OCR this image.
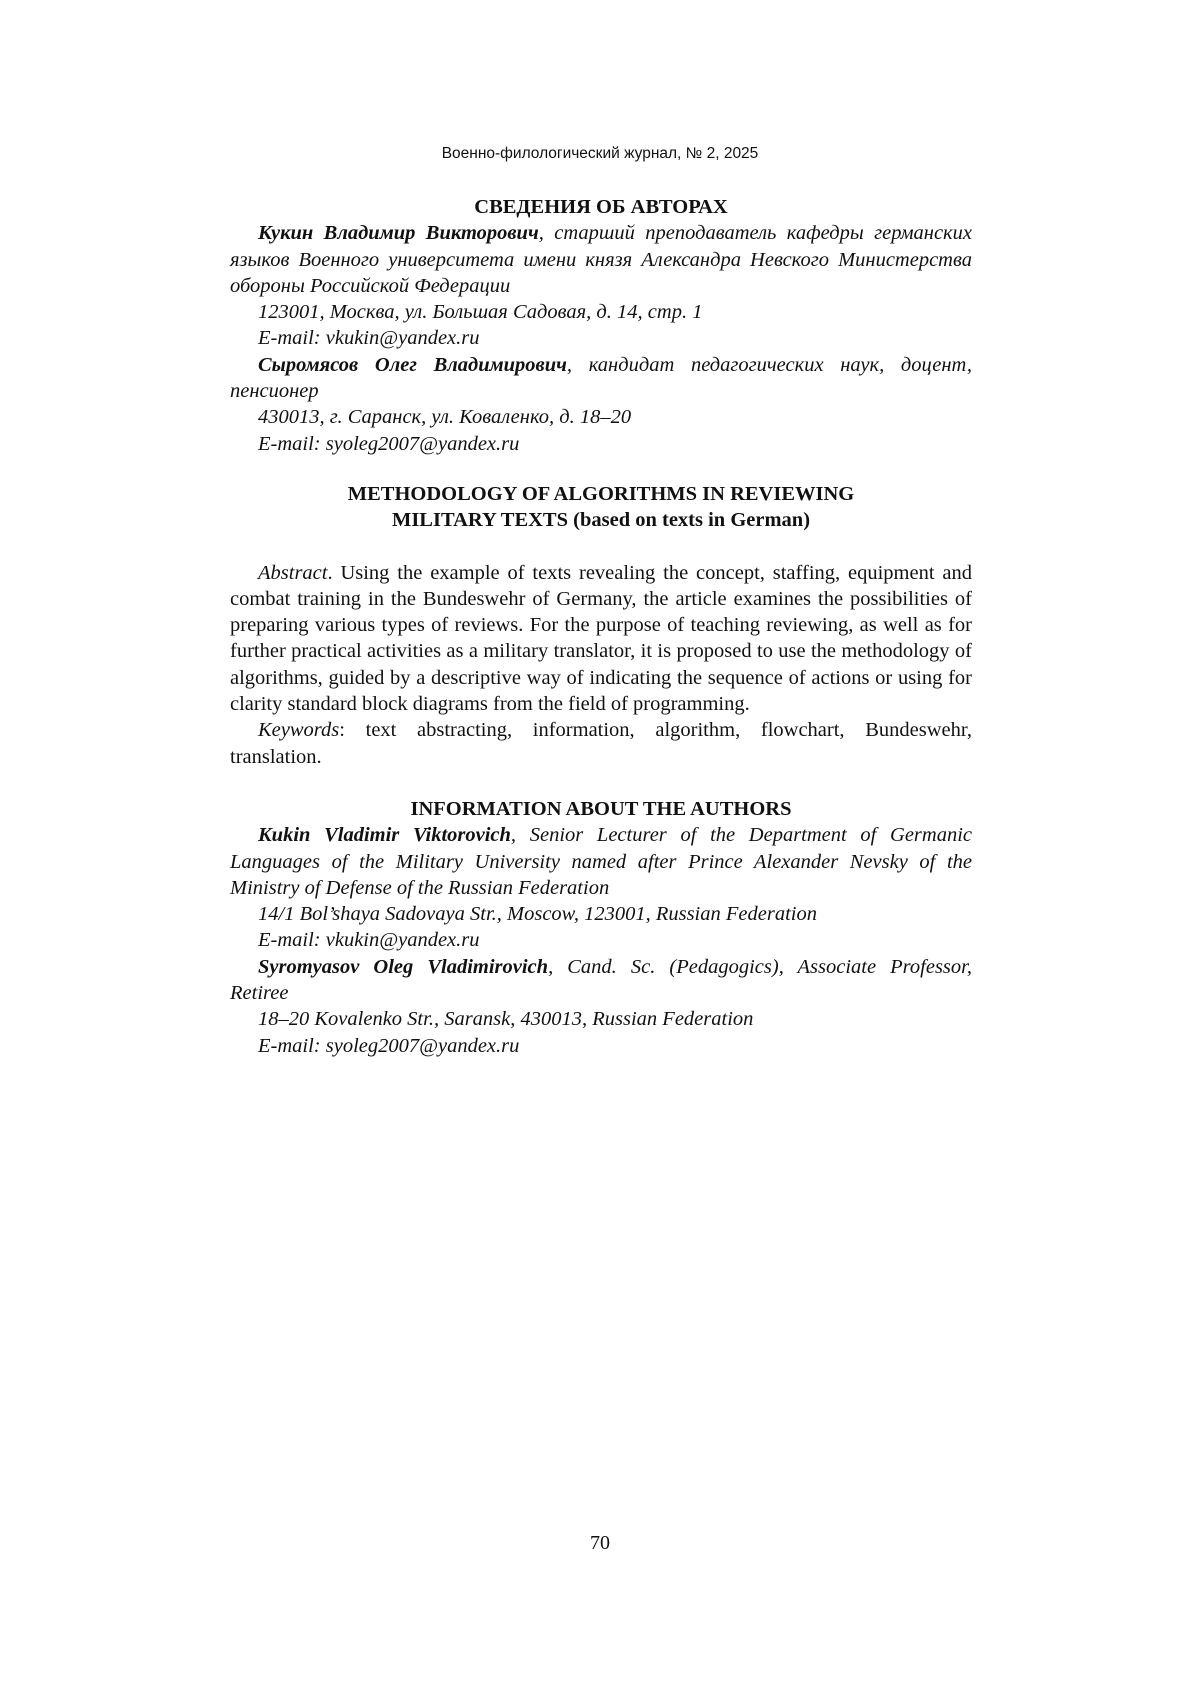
Военно-филологический журнал, № 2, 2025

СВЕДЕНИЯ ОБ АВТОРАХ

Кукин Владимир Викторович, старший преподаватель кафедры германских языков Военного университета имени князя Александра Невского Министерства обороны Российской Федерации

123001, Москва, ул. Большая Садовая, д. 14, стр. 1

E-mail: vkukin@yandex.ru

Сыромясов Олег Владимирович, кандидат педагогических наук, доцент, пенсионер

430013, г. Саранск, ул. Коваленко, д. 18–20

E-mail: syoleg2007@yandex.ru

METHODOLOGY OF ALGORITHMS IN REVIEWING

MILITARY TEXTS (based on texts in German)

Abstract. Using the example of texts revealing the concept, staffing, equipment and combat training in the Bundeswehr of Germany, the article examines the possibilities of preparing various types of reviews. For the purpose of teaching reviewing, as well as for further practical activities as a military translator, it is proposed to use the methodology of algorithms, guided by a descriptive way of indicating the sequence of actions or using for clarity standard block diagrams from the field of programming.

Keywords: text abstracting, information, algorithm, flowchart, Bundeswehr, translation.

INFORMATION ABOUT THE AUTHORS

Kukin Vladimir Viktorovich, Senior Lecturer of the Department of Germanic Languages of the Military University named after Prince Alexander Nevsky of the Ministry of Defense of the Russian Federation

14/1 Bol’shaya Sadovaya Str., Moscow, 123001, Russian Federation

E-mail: vkukin@yandex.ru

Syromyasov Oleg Vladimirovich, Cand. Sc. (Pedagogics), Associate Professor, Retiree

18–20 Kovalenko Str., Saransk, 430013, Russian Federation

E-mail: syoleg2007@yandex.ru

70
